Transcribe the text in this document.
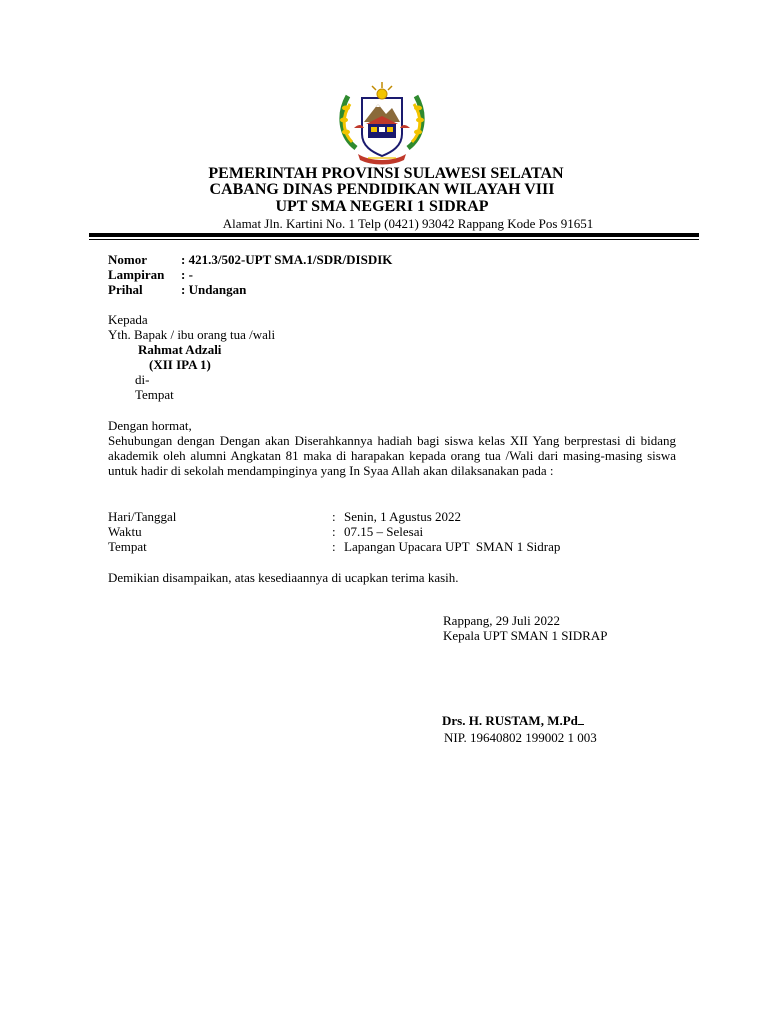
PEMERINTAH PROVINSI SULAWESI SELATAN
CABANG DINAS PENDIDIKAN WILAYAH VIII
UPT SMA NEGERI 1 SIDRAP
Alamat Jln. Kartini No. 1 Telp (0421) 93042 Rappang Kode Pos 91651
Nomor	: 421.3/502-UPT SMA.1/SDR/DISDIK
Lampiran : -
Prihal	: Undangan
Kepada
Yth. Bapak / ibu orang tua /wali
Rahmat Adzali
(XII IPA 1)
di-
Tempat
Dengan hormat,
Sehubungan dengan Dengan akan Diserahkannya hadiah bagi siswa kelas XII Yang berprestasi di bidang akademik oleh alumni Angkatan 81 maka di harapakan kepada orang tua /Wali dari masing-masing siswa untuk hadir di sekolah mendampinginya yang In Syaa Allah akan dilaksanakan pada :
Hari/Tanggal	: Senin, 1 Agustus 2022
Waktu	: 07.15 – Selesai
Tempat	: Lapangan Upacara UPT  SMAN 1 Sidrap
Demikian disampaikan, atas kesediaannya di ucapkan terima kasih.
Rappang, 29 Juli 2022
Kepala UPT SMAN 1 SIDRAP
Drs. H. RUSTAM, M.Pd
NIP. 19640802 199002 1 003
